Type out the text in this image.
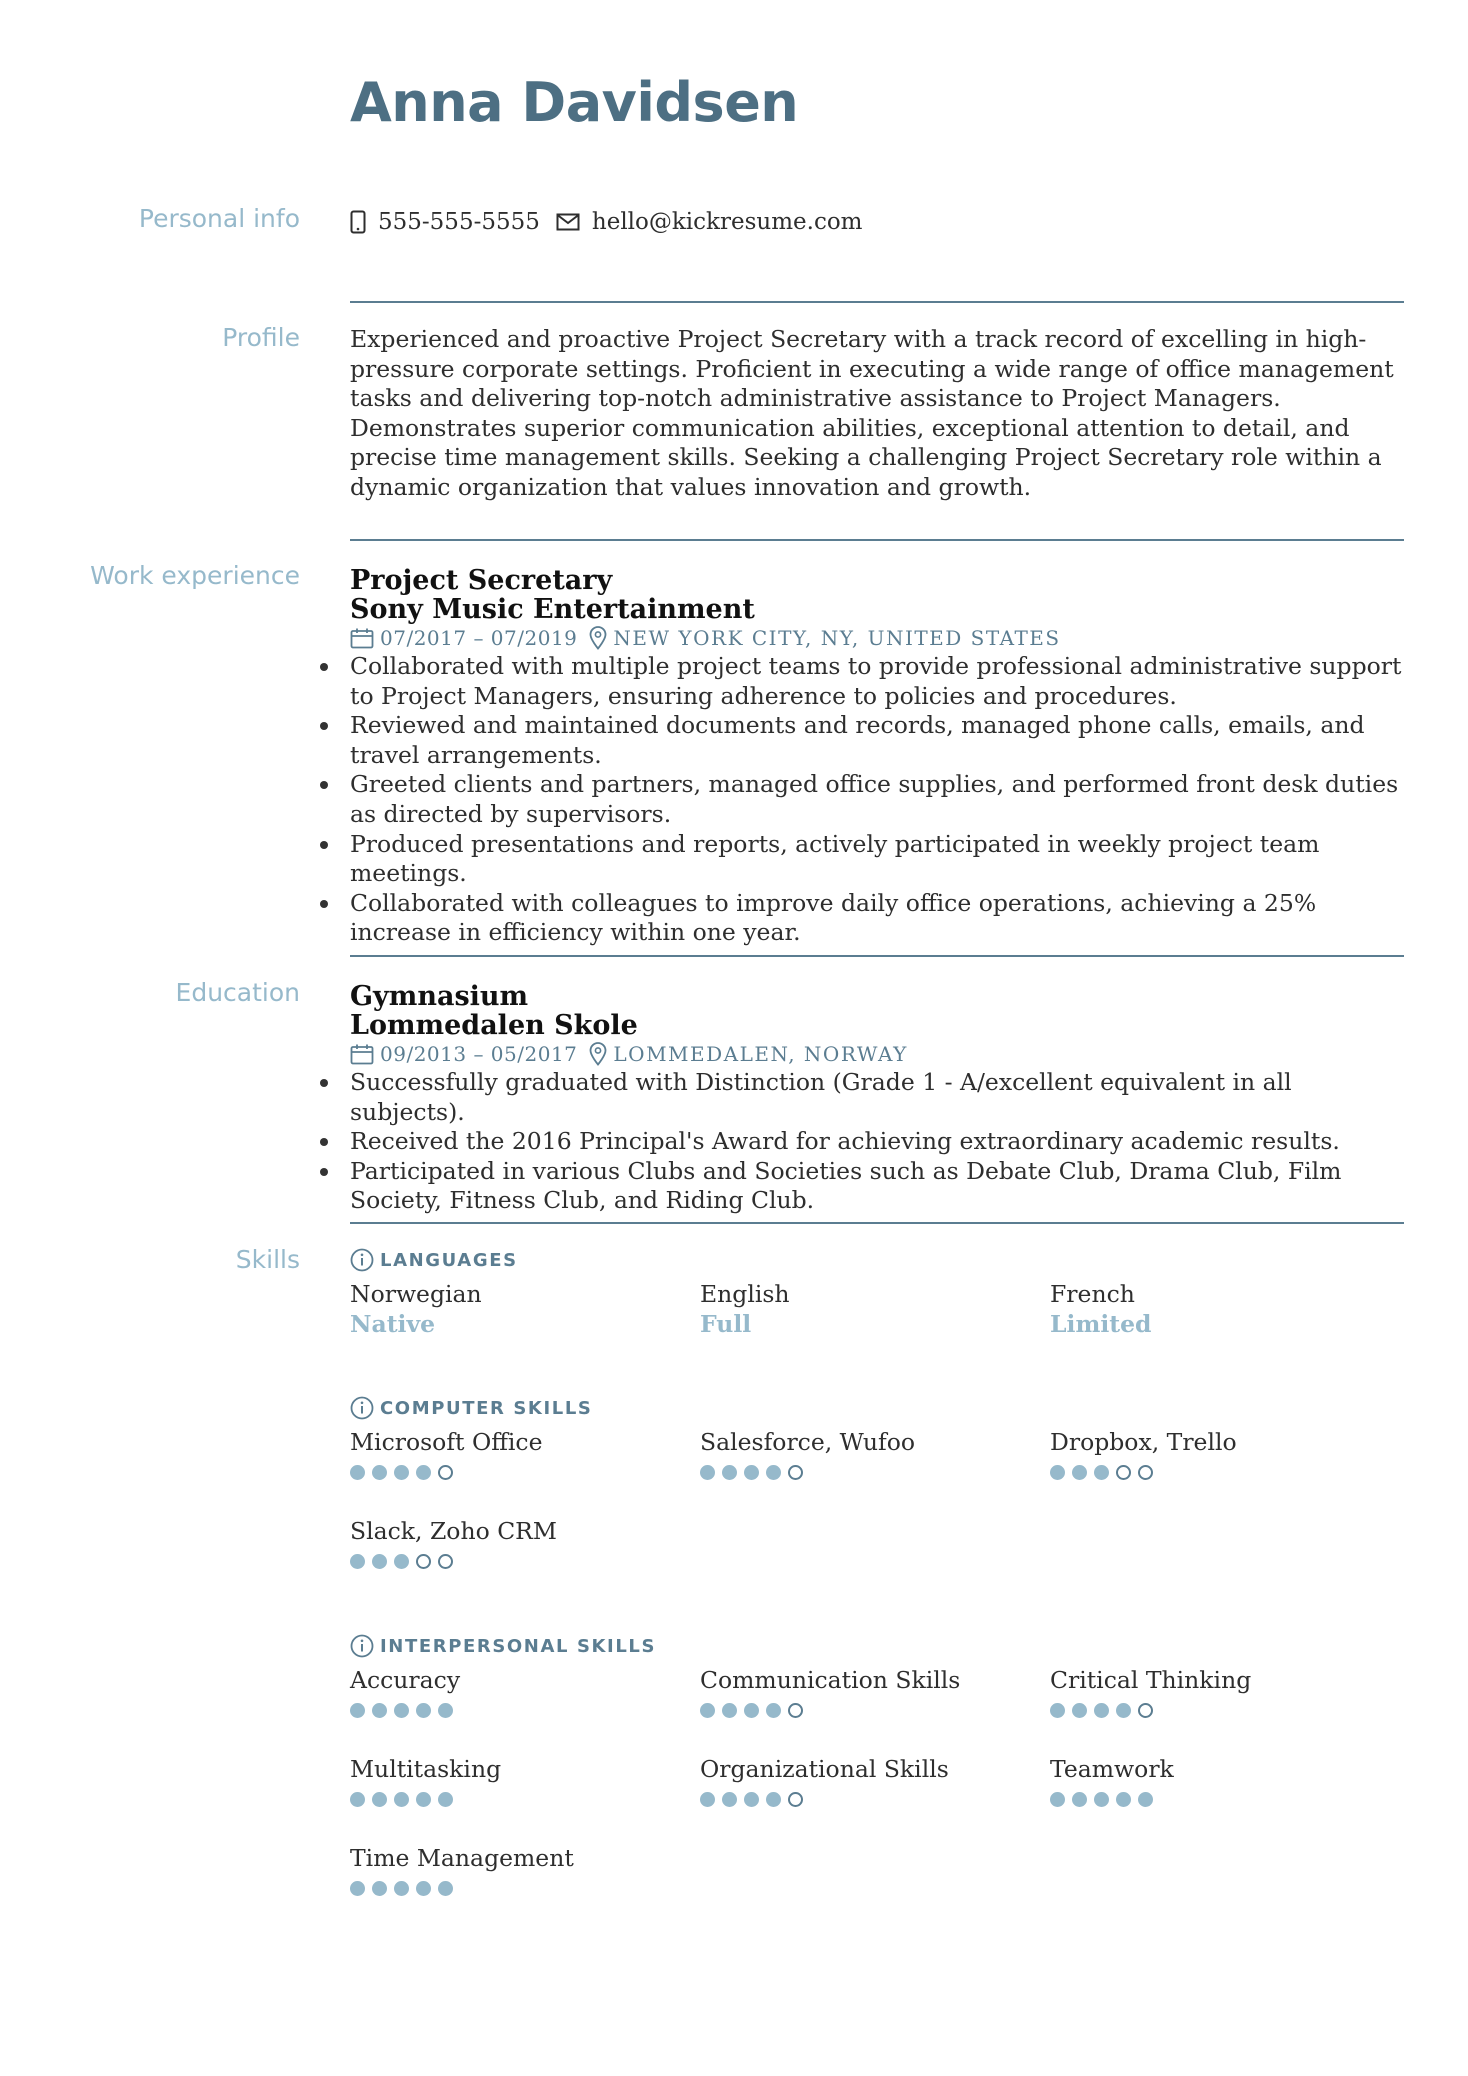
Anna Davidsen
Personal info	555-555-5555 hello@kickresume.com
Profile Experienced and proactive Project Secretary with a track record of excelling in high-pressure corporate settings. Proficient in executing a wide range of office management tasks and delivering top-notch administrative assistance to Project Managers. Demonstrates superior communication abilities, exceptional attention to detail, and precise time management skills. Seeking a challenging Project Secretary role within a dynamic organization that values innovation and growth.

Work experience Project Secretary
Sony Music Entertainment
07/2017 – 07/2019 NEW YORK CITY, NY, UNITED STATES
Collaborated with multiple project teams to provide professional administrative support to Project Managers, ensuring adherence to policies and procedures.
Reviewed and maintained documents and records, managed phone calls, emails, and travel arrangements.
Greeted clients and partners, managed office supplies, and performed front desk duties as directed by supervisors.
Produced presentations and reports, actively participated in weekly project team meetings.
Collaborated with colleagues to improve daily office operations, achieving a 25% increase in efficiency within one year.
Education Gymnasium
Lommedalen Skole
09/2013 – 05/2017 LOMMEDALEN, NORWAY
Successfully graduated with Distinction (Grade 1 - A/excellent equivalent in all subjects).
Received the 2016 Principal's Award for achieving extraordinary academic results.
Participated in various Clubs and Societies such as Debate Club, Drama Club, Film Society, Fitness Club, and Riding Club.
Skills	LANGUAGES
Norwegian
Native
English
Full
French
Limited
COMPUTER SKILLS
Microsoft Office	Salesforce, Wufoo	Dropbox, Trello
Slack, Zoho CRM
INTERPERSONAL SKILLS
Accuracy	Communication Skills	Critical Thinking
Multitasking	Organizational Skills	Teamwork
Time Management
